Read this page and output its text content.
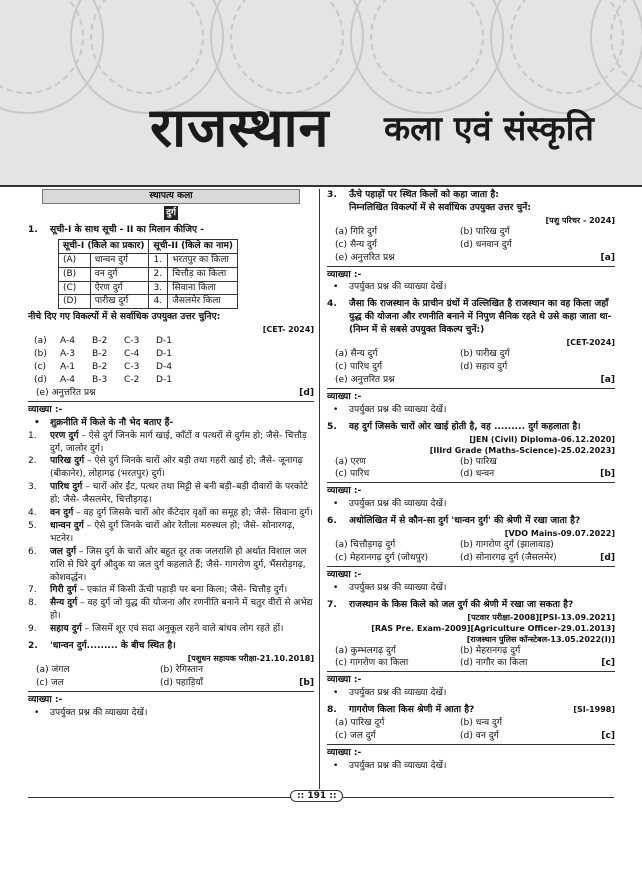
राजस्थान कला एवं संस्कृति
स्थापत्य कला
दुर्ग
1.	सूची-I के साथ सूची - II का मिलान कीजिए -
सूची-I (किले का प्रकार)		सूची-II (किले का नाम)	
(A)	धान्वन दुर्ग	1.	भरतपुर का किला
(B)	वन दुर्ग	2.	चित्तौड़ का किला
(C)	ऐरण दुर्ग	3.	सिवाना किला
(D)	पारीख दुर्ग	4.	जैसलमेर किला
नीचे दिए गए विकल्पों में से सर्वाधिक उपयुक्त उत्तर चुनिए:
[CET- 2024]
(a)	A-4	B-2	C-3	D-1
(b)	A-3	B-2	C-4	D-1
(c)	A-1	B-2	C-3	D-4
(d)	A-4	B-3	C-2	D-1
(e) अनुत्तरित प्रश्न	[d]
व्याख्या :-
•	शुक्रनीति में किले के नौ भेद बताए हैं-
1.	एरण दुर्ग – ऐसे दुर्ग जिनके मार्ग खाई, काँटों व पत्थरों से दुर्गम हो; जैसे- चित्तौड़ दुर्ग, जालोर दुर्ग।
2.	पारिख दुर्ग – ऐसे दुर्ग जिनके चारों ओर बड़ी तथा गहरी खाई हो; जैसे- जूनागढ़ (बीकानेर), लोहागढ़ (भरतपुर) दुर्ग।
3.	पारिध दुर्ग – चारों ओर ईंट, पत्थर तथा मिट्टी से बनी बड़ी–बड़ी दीवारों के परकोटे हो; जैसे- जैसलमेर, चित्तौड़गढ़।
4.	वन दुर्ग – वह दुर्ग जिसके चारों ओर कँटेदार वृक्षों का समूह हो; जैसे- सिवाना दुर्ग।
5.	धान्वन दुर्ग – ऐसे दुर्ग जिनके चारों ओर रेतीला मरुस्थल हो; जैसे- सोनारगढ़, भटनेर।
6.	जल दुर्ग – जिस दुर्ग के चारों ओर बहुत दूर तक जलराशि हो अर्थात विशाल जल राशि से घिरे दुर्ग औदुक या जल दुर्ग कहलाते हैं; जैसे- गागरोण दुर्ग, भैंसरोड़गढ़, कोशवर्द्धन।
7.	गिरी दुर्ग – एकांत में किसी ऊँची पहाड़ी पर बना किला; जैसे- चित्तौड़ दुर्ग।
8.	सैन्य दुर्ग – वह दुर्ग जो युद्ध की योजना और रणनीति बनाने में चतुर वीरों से अभेद्य हो।
9.	सहाय दुर्ग – जिसमें शूर एवं सदा अनुकूल रहने वाले बांधव लोग रहते हों।
2.	'धान्वन दुर्ग......... के बीच स्थित है।
[पशुधन सहायक परीक्षा-21.10.2018]
(a) जंगल	(b) रेगिस्तान
(c) जल	(d) पहाड़ियाँ	[b]
व्याख्या :-
•	उपर्युक्त प्रश्न की व्याख्या देखें।
3.	ऊँचे पहाड़ों पर स्थित किलों को कहा जाता है:
निम्नलिखित विकल्पों में से सर्वाधिक उपयुक्त उत्तर चुनें:
[पशु परिचर - 2024]
(a) गिरि दुर्ग	(b) पारिख दुर्ग
(c) सैन्य दुर्ग	(d) धनवान दुर्ग
(e) अनुत्तरित प्रश्न	[a]
व्याख्या :-
•	उपर्युक्त प्रश्न की व्याख्या देखें।
4.	जैसा कि राजस्थान के प्राचीन ग्रंथों में उल्लिखित है राजस्थान का वह किला जहाँ युद्ध की योजना और रणनीति बनाने में निपुण सैनिक रहते थे उसे कहा जाता था- (निम्न में से सबसे उपयुक्त विकल्प चुनें:)
[CET-2024]
(a) सैन्य दुर्ग	(b) पारीख दुर्ग
(c) पारिध दुर्ग	(d) सहाय दुर्ग
(e) अनुत्तरित प्रश्न	[a]
व्याख्या :-
•	उपर्युक्त प्रश्न की व्याख्या देखें।
5.	वह दुर्ग जिसके चारों ओर खाई होती है, वह ......... दुर्ग कहलाता है।
[JEN (Civil) Diploma-06.12.2020]
[IIIrd Grade (Maths-Science)-25.02.2023]
(a) एरण	(b) पारिख
(c) पारिध	(d) धन्वन	[b]
व्याख्या :-
•	उपर्युक्त प्रश्न की व्याख्या देखें।
6.	अधोलिखित में से कौन-सा दुर्ग 'धान्वन दुर्ग' की श्रेणी में रखा जाता है?
[VDO Mains-09.07.2022]
(a) चित्तौड़गढ़ दुर्ग	(b) गागरोण दुर्ग (झालावाड़)
(c) मेहरानगढ़ दुर्ग (जोधपुर)	(d) सोनारगढ़ दुर्ग (जैसलमेर)	[d]
व्याख्या :-
•	उपर्युक्त प्रश्न की व्याख्या देखें।
7.	राजस्थान के किस किले को जल दुर्ग की श्रेणी में रखा जा सकता है?
[पटवार परीक्षा-2008][PSI-13.09.2021]
[RAS Pre. Exam-2009][Agriculture Officer-29.01.2013]
[राजस्थान पुलिस कॉन्स्टेबल-13.05.2022(I)]
(a) कुम्भलगढ़ दुर्ग	(b) मेहरानगढ़ दुर्ग
(c) गागरोण का किला	(d) नागौर का किला	[c]
व्याख्या :-
•	उपर्युक्त प्रश्न की व्याख्या देखें।
8.	गागरोण किला किस श्रेणी में आता है?	[SI-1998]
(a) पारिख दुर्ग	(b) धन्व दुर्ग
(c) जल दुर्ग	(d) वन दुर्ग	[c]
व्याख्या :-
•	उपर्युक्त प्रश्न की व्याख्या देखें।
:: 191 ::
